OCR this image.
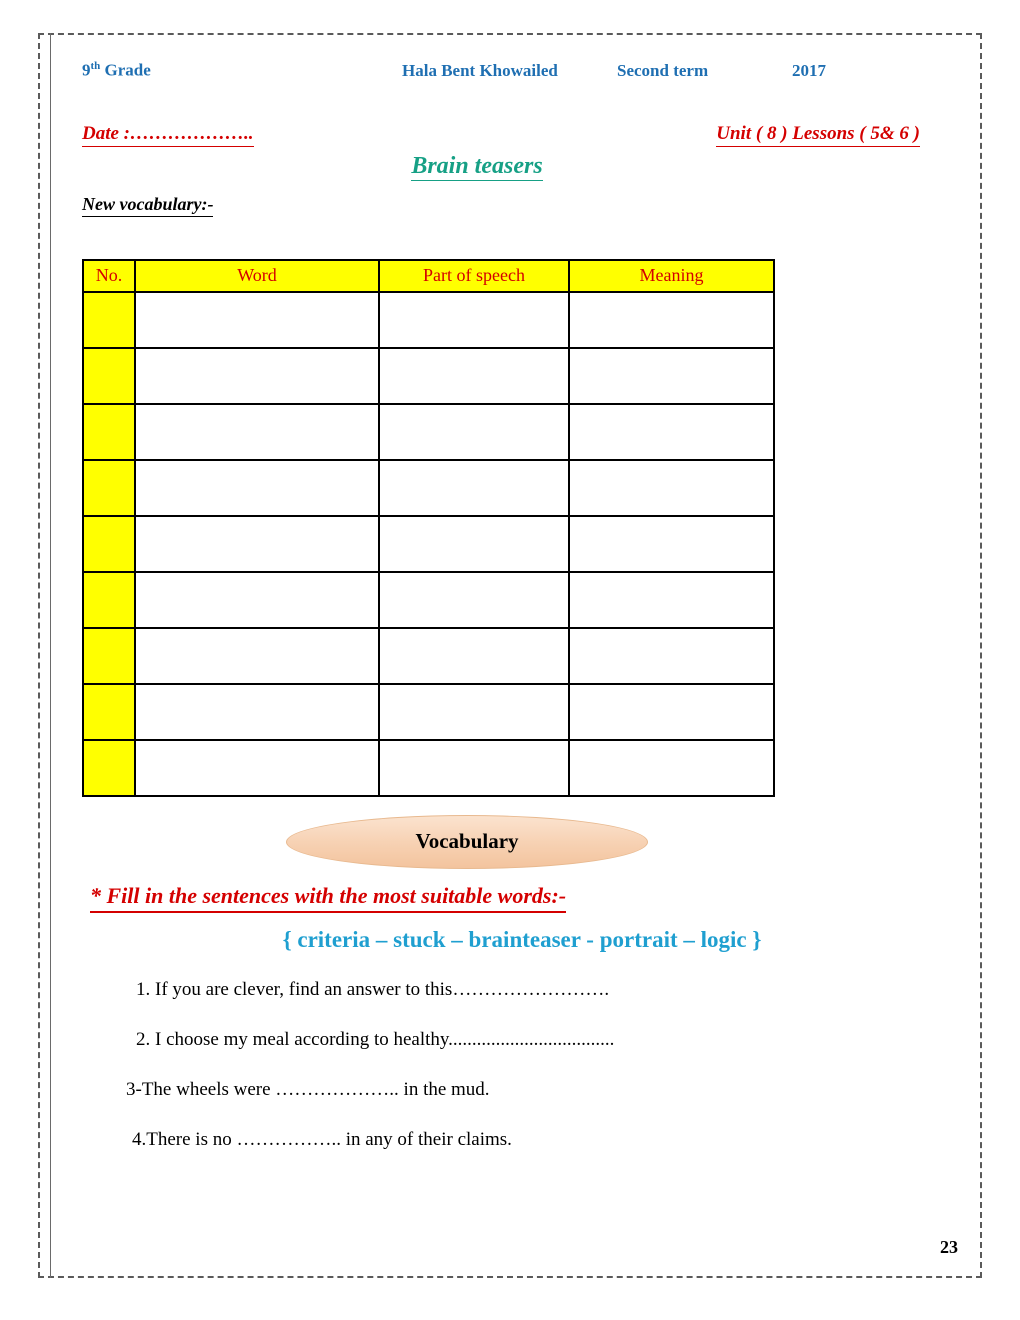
9th Grade	Hala Bent Khowailed	Second term	2017
Date :………………..	Unit ( 8 ) Lessons ( 5& 6 )
Brain teasers
New vocabulary:-
No.	Word	Part of speech	Meaning

Vocabulary
* Fill in the sentences with the most suitable words:-
{ criteria – stuck – brainteaser - portrait – logic }
1. If you are clever, find an answer to this…………………….
2. I choose my meal according to healthy...................................
3-The wheels were ……………….. in the mud.
4.There is no …………….. in any of their claims.
23
